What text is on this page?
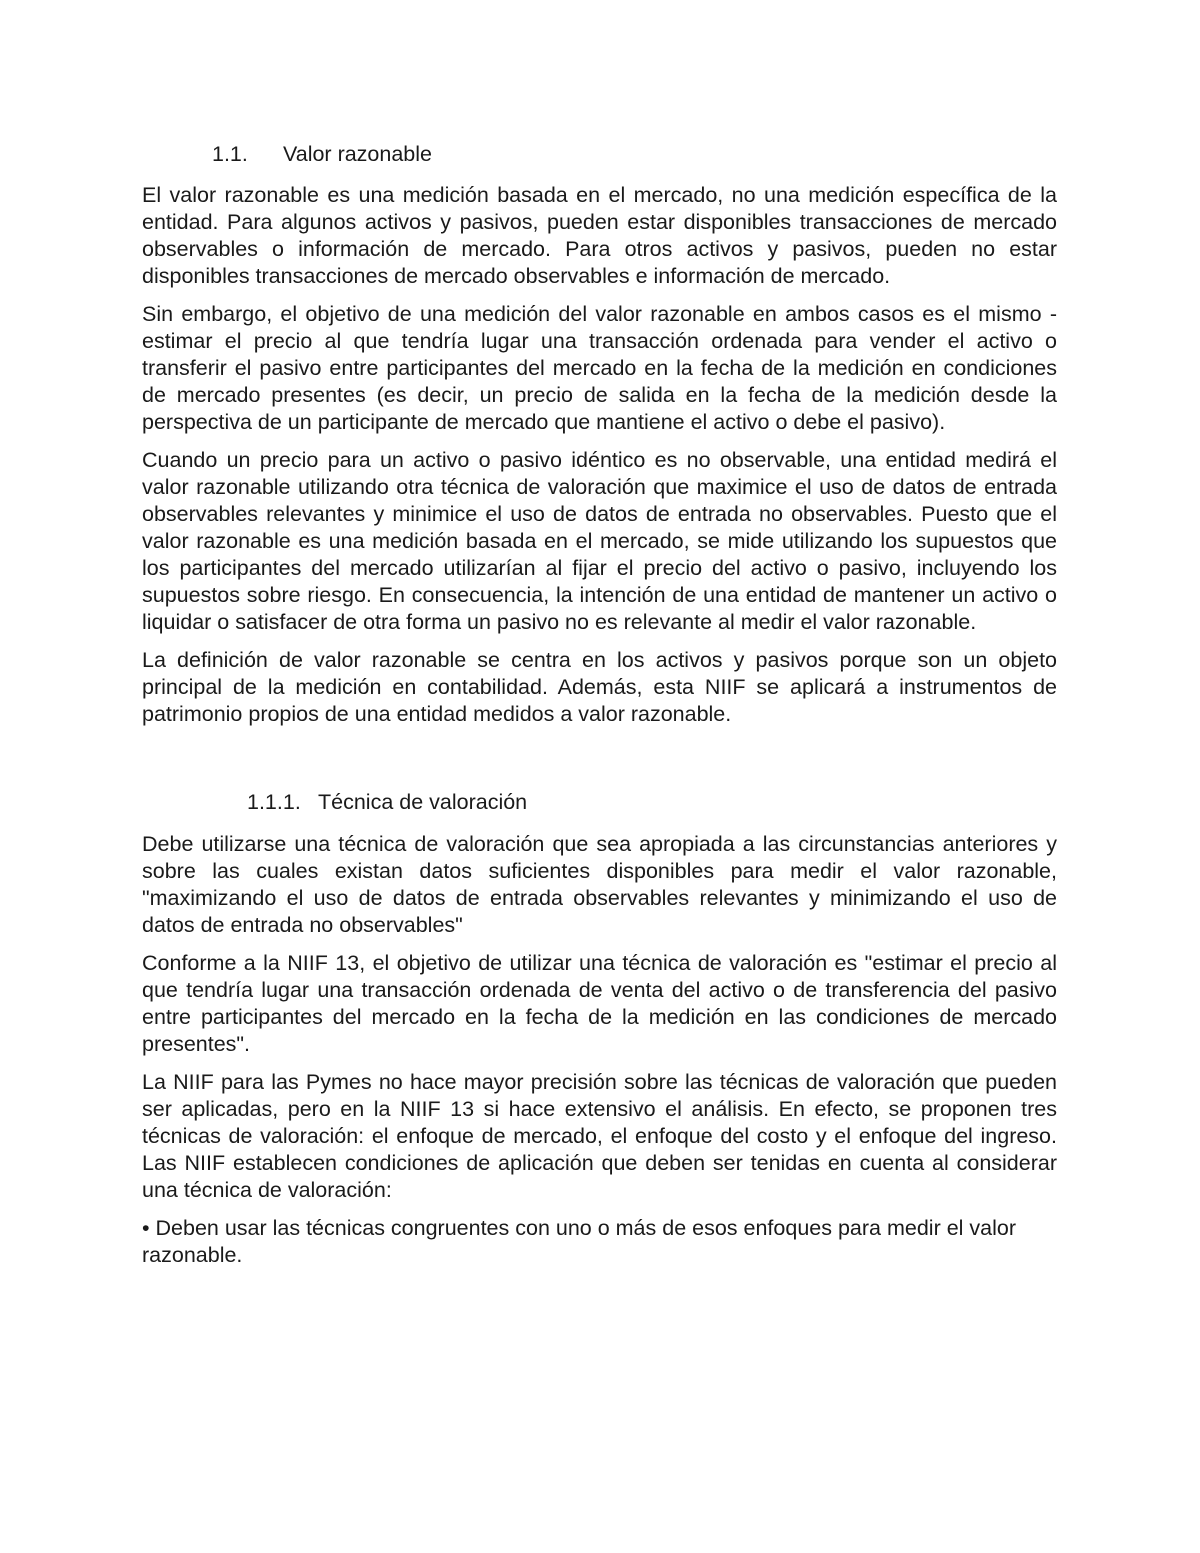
1.1. Valor razonable

El valor razonable es una medición basada en el mercado, no una medición específica de la entidad. Para algunos activos y pasivos, pueden estar disponibles transacciones de mercado observables o información de mercado. Para otros activos y pasivos, pueden no estar disponibles transacciones de mercado observables e información de mercado.

Sin embargo, el objetivo de una medición del valor razonable en ambos casos es el mismo -estimar el precio al que tendría lugar una transacción ordenada para vender el activo o transferir el pasivo entre participantes del mercado en la fecha de la medición en condiciones de mercado presentes (es decir, un precio de salida en la fecha de la medición desde la perspectiva de un participante de mercado que mantiene el activo o debe el pasivo).

Cuando un precio para un activo o pasivo idéntico es no observable, una entidad medirá el valor razonable utilizando otra técnica de valoración que maximice el uso de datos de entrada observables relevantes y minimice el uso de datos de entrada no observables. Puesto que el valor razonable es una medición basada en el mercado, se mide utilizando los supuestos que los participantes del mercado utilizarían al fijar el precio del activo o pasivo, incluyendo los supuestos sobre riesgo. En consecuencia, la intención de una entidad de mantener un activo o liquidar o satisfacer de otra forma un pasivo no es relevante al medir el valor razonable.

La definición de valor razonable se centra en los activos y pasivos porque son un objeto principal de la medición en contabilidad. Además, esta NIIF se aplicará a instrumentos de patrimonio propios de una entidad medidos a valor razonable.

1.1.1. Técnica de valoración

Debe utilizarse una técnica de valoración que sea apropiada a las circunstancias anteriores y sobre las cuales existan datos suficientes disponibles para medir el valor razonable, "maximizando el uso de datos de entrada observables relevantes y minimizando el uso de datos de entrada no observables"

Conforme a la NIIF 13, el objetivo de utilizar una técnica de valoración es "estimar el precio al que tendría lugar una transacción ordenada de venta del activo o de transferencia del pasivo entre participantes del mercado en la fecha de la medición en las condiciones de mercado presentes".

La NIIF para las Pymes no hace mayor precisión sobre las técnicas de valoración que pueden ser aplicadas, pero en la NIIF 13 si hace extensivo el análisis. En efecto, se proponen tres técnicas de valoración: el enfoque de mercado, el enfoque del costo y el enfoque del ingreso. Las NIIF establecen condiciones de aplicación que deben ser tenidas en cuenta al considerar una técnica de valoración:

• Deben usar las técnicas congruentes con uno o más de esos enfoques para medir el valor razonable.
